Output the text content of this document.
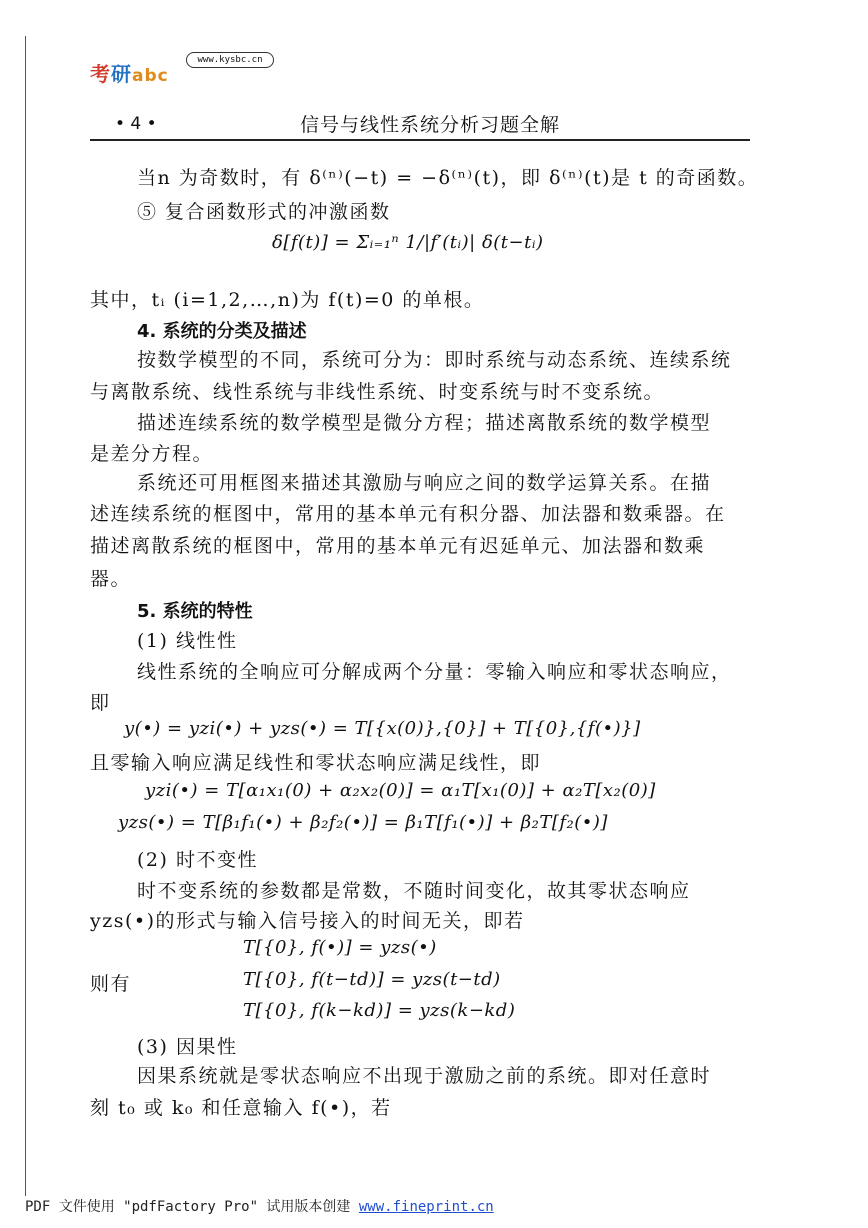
考研abc
www.kysbc.cn
• 4 •	信号与线性系统分析习题全解
当n 为奇数时，有 δ⁽ⁿ⁾(−t) = −δ⁽ⁿ⁾(t)，即 δ⁽ⁿ⁾(t)是 t 的奇函数。
⑤ 复合函数形式的冲激函数
δ[f(t)] = Σᵢ₌₁ⁿ 1/|f′(tᵢ)| δ(t−tᵢ)
其中，tᵢ (i=1,2,…,n)为 f(t)=0 的单根。
4. 系统的分类及描述
按数学模型的不同，系统可分为：即时系统与动态系统、连续系统
与离散系统、线性系统与非线性系统、时变系统与时不变系统。
描述连续系统的数学模型是微分方程；描述离散系统的数学模型
是差分方程。
系统还可用框图来描述其激励与响应之间的数学运算关系。在描
述连续系统的框图中，常用的基本单元有积分器、加法器和数乘器。在
描述离散系统的框图中，常用的基本单元有迟延单元、加法器和数乘
器。
5. 系统的特性
(1) 线性性
线性系统的全响应可分解成两个分量：零输入响应和零状态响应，
即
y(•) = yzi(•) + yzs(•) = T[{x(0)},{0}] + T[{0},{f(•)}]
且零输入响应满足线性和零状态响应满足线性，即
yzi(•) = T[α₁x₁(0) + α₂x₂(0)] = α₁T[x₁(0)] + α₂T[x₂(0)]
yzs(•) = T[β₁f₁(•) + β₂f₂(•)] = β₁T[f₁(•)] + β₂T[f₂(•)]
(2) 时不变性
时不变系统的参数都是常数，不随时间变化，故其零状态响应
yzs(•)的形式与输入信号接入的时间无关，即若
T[{0}, f(•)] = yzs(•)
则有	T[{0}, f(t−td)] = yzs(t−td)
T[{0}, f(k−kd)] = yzs(k−kd)
(3) 因果性
因果系统就是零状态响应不出现于激励之前的系统。即对任意时
刻 t₀ 或 k₀ 和任意输入 f(•)，若
PDF 文件使用 "pdfFactory Pro" 试用版本创建 www.fineprint.cn
